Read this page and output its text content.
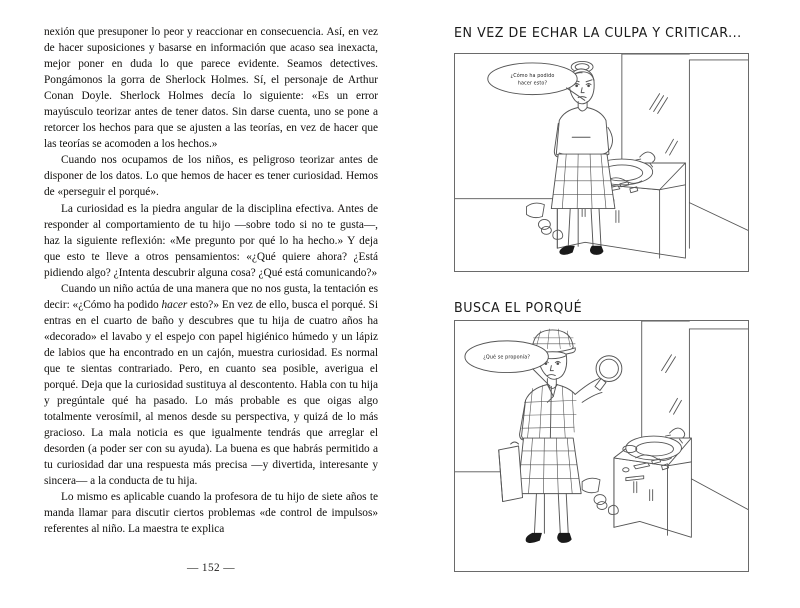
nexión que presuponer lo peor y reaccionar en consecuencia. Así, en vez de hacer suposiciones y basarse en información que acaso sea inexacta, mejor poner en duda lo que parece evidente. Seamos detectives. Pongámonos la gorra de Sherlock Holmes. Sí, el personaje de Arthur Conan Doyle. Sherlock Holmes decía lo siguiente: «Es un error mayúsculo teorizar antes de tener datos. Sin darse cuenta, uno se pone a retorcer los hechos para que se ajusten a las teorías, en vez de hacer que las teorías se acomoden a los hechos.»

Cuando nos ocupamos de los niños, es peligroso teorizar antes de disponer de los datos. Lo que hemos de hacer es tener curiosidad. Hemos de «perseguir el porqué».

La curiosidad es la piedra angular de la disciplina efectiva. Antes de responder al comportamiento de tu hijo —sobre todo si no te gusta—, haz la siguiente reflexión: «Me pregunto por qué lo ha hecho.» Y deja que esto te lleve a otros pensamientos: «¿Qué quiere ahora? ¿Está pidiendo algo? ¿Intenta descubrir alguna cosa? ¿Qué está comunicando?»

Cuando un niño actúa de una manera que no nos gusta, la tentación es decir: «¿Cómo ha podido hacer esto?» En vez de ello, busca el porqué. Si entras en el cuarto de baño y descubres que tu hija de cuatro años ha «decorado» el lavabo y el espejo con papel higiénico húmedo y un lápiz de labios que ha encontrado en un cajón, muestra curiosidad. Es normal que te sientas contrariado. Pero, en cuanto sea posible, averigua el porqué. Deja que la curiosidad sustituya al descontento. Habla con tu hija y pregúntale qué ha pasado. Lo más probable es que oigas algo totalmente verosímil, al menos desde su perspectiva, y quizá de lo más gracioso. La mala noticia es que igualmente tendrás que arreglar el desorden (a poder ser con su ayuda). La buena es que habrás permitido a tu curiosidad dar una respuesta más precisa —y divertida, interesante y sincera— a la conducta de tu hija.

Lo mismo es aplicable cuando la profesora de tu hijo de siete años te manda llamar para discutir ciertos problemas «de control de impulsos» referentes al niño. La maestra te explica

— 152 —
EN VEZ DE ECHAR LA CULPA Y CRITICAR...
¿Cómo ha podido
hacer esto?
BUSCA EL PORQUÉ
¿Qué se proponía?
